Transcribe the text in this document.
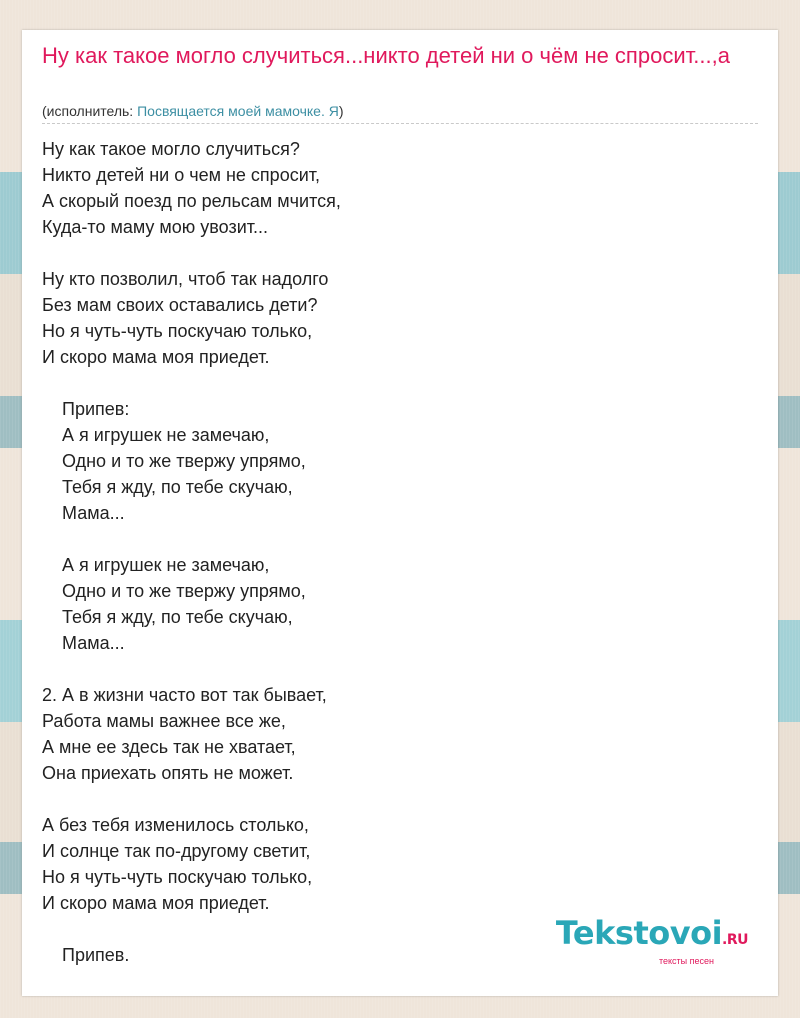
Ну как такое могло случиться...никто детей ни о чём не спросит...,а
(исполнитель: Посвящается моей мамочке. Я)
Ну как такое могло случиться?
Никто детей ни о чем не спросит,
А скорый поезд по рельсам мчится,
Куда-то маму мою увозит...

Ну кто позволил, чтоб так надолго
Без мам своих оставались дети?
Но я чуть-чуть поскучаю только,
И скоро мама моя приедет.

Припев:
А я игрушек не замечаю,
Одно и то же твержу упрямо,
Тебя я жду, по тебе скучаю,
Мама...

А я игрушек не замечаю,
Одно и то же твержу упрямо,
Тебя я жду, по тебе скучаю,
Мама...

2. А в жизни часто вот так бывает,
Работа мамы важнее все же,
А мне ее здесь так не хватает,
Она приехать опять не может.

А без тебя изменилось столько,
И солнце так по-другому светит,
Но я чуть-чуть поскучаю только,
И скоро мама моя приедет.

Припев.
Tekstovoi.RU
тексты песен
